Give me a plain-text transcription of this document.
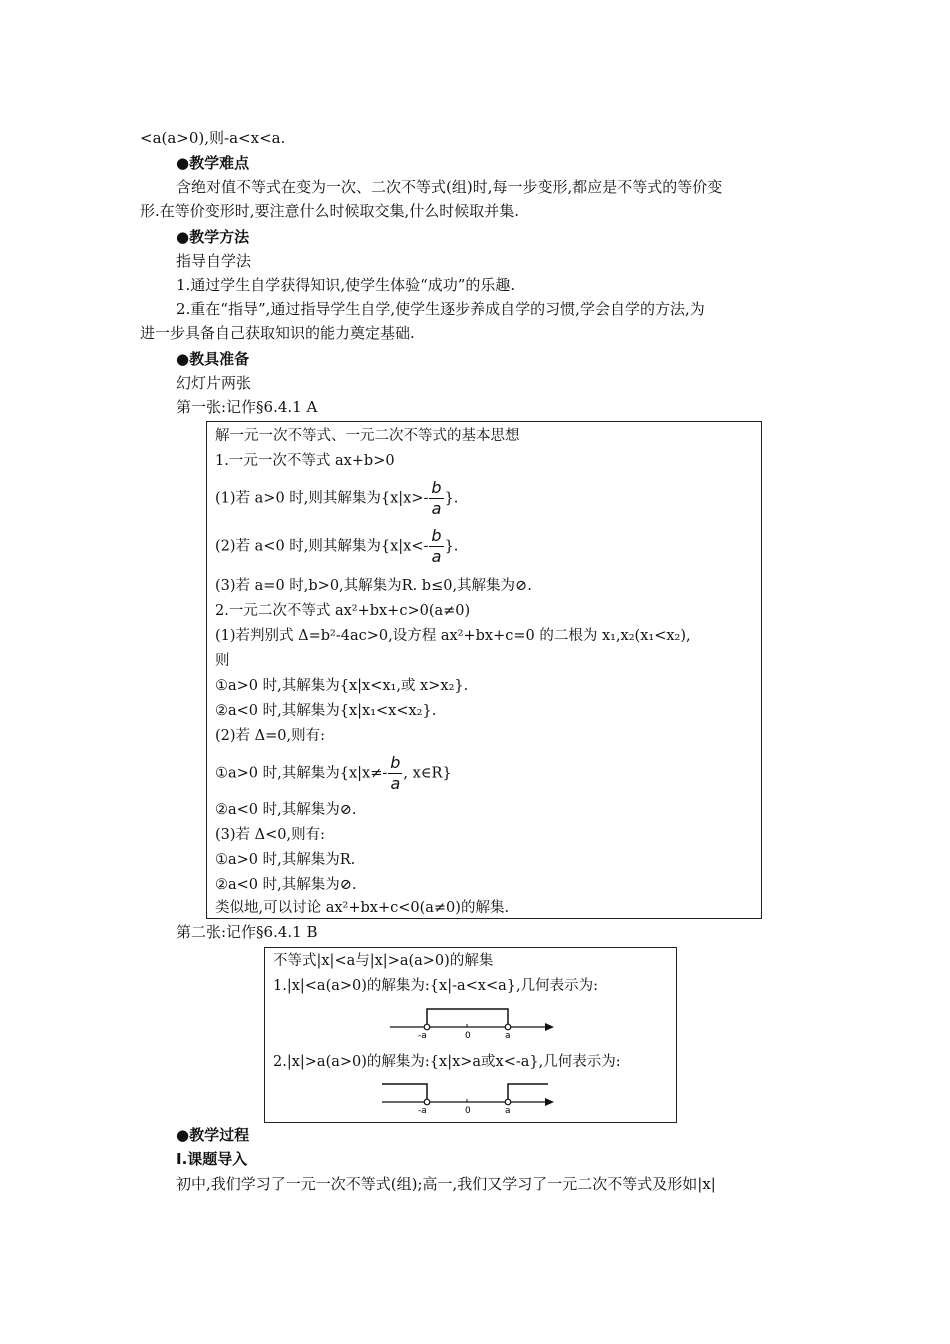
<a(a>0),则-a<x<a.
●教学难点
含绝对值不等式在变为一次、二次不等式(组)时,每一步变形,都应是不等式的等价变
形.在等价变形时,要注意什么时候取交集,什么时候取并集.
●教学方法
指导自学法
1.通过学生自学获得知识,使学生体验“成功”的乐趣.
2.重在“指导”,通过指导学生自学,使学生逐步养成自学的习惯,学会自学的方法,为
进一步具备自己获取知识的能力奠定基础.
●教具准备
幻灯片两张
第一张:记作§6.4.1 A
解一元一次不等式、一元二次不等式的基本思想
1.一元一次不等式 ax+b>0
(1)若 a>0 时,则其解集为{$x|x>- \frac{b}{a}$ }.
(2)若 a<0 时,则其解集为{$x|x<- \frac{b}{a}$ }.
(3)若 a=0 时,b>0,其解集为R. b≤0,其解集为⊘.
2.一元二次不等式 ax²+bx+c>0(a≠0)
(1)若判别式 Δ=b²-4ac>0,设方程 ax²+bx+c=0 的二根为 x₁,x₂(x₁<x₂),
则
①a>0 时,其解集为{x|x<x₁,或 x>x₂}.
②a<0 时,其解集为{x|x₁<x<x₂}.
(2)若 Δ=0,则有:
①a>0 时,其解集为{$x|x\ne- \frac{b}{a}$ , x∈R}
②a<0 时,其解集为⊘.
(3)若 Δ<0,则有:
①a>0 时,其解集为R.
②a<0 时,其解集为⊘.
类似地,可以讨论 ax²+bx+c<0(a≠0)的解集.
第二张:记作§6.4.1 B
不等式|x|<a与|x|>a(a>0)的解集
1.|x|<a(a>0)的解集为:{x|-a<x<a},几何表示为:
-a	0	a
2.|x|>a(a>0)的解集为:{x|x>a或x<-a},几何表示为:
-a	0	a
●教学过程
Ⅰ.课题导入
初中,我们学习了一元一次不等式(组);高一,我们又学习了一元二次不等式及形如|x|
